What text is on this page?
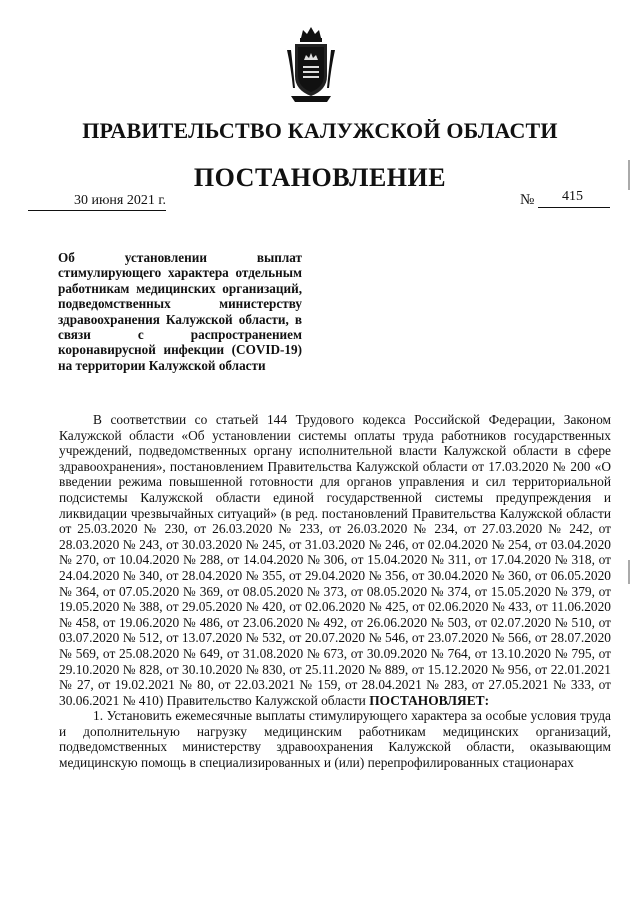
ПРАВИТЕЛЬСТВО КАЛУЖСКОЙ ОБЛАСТИ
ПОСТАНОВЛЕНИЕ
30 июня 2021 г.	№ 415
Об установлении выплат стимулирующего характера отдельным работникам медицинских организаций, подведомственных министерству здравоохранения Калужской области, в связи с распространением коронавирусной инфекции (COVID-19) на территории Калужской области

В соответствии со статьей 144 Трудового кодекса Российской Федерации, Законом Калужской области «Об установлении системы оплаты труда работников государственных учреждений, подведомственных органу исполнительной власти Калужской области в сфере здравоохранения», постановлением Правительства Калужской области от 17.03.2020 № 200 «О введении режима повышенной готовности для органов управления и сил территориальной подсистемы Калужской области единой государственной системы предупреждения и ликвидации чрезвычайных ситуаций» (в ред. постановлений Правительства Калужской области от 25.03.2020 № 230, от 26.03.2020 № 233, от 26.03.2020 № 234, от 27.03.2020 № 242, от 28.03.2020 № 243, от 30.03.2020 № 245, от 31.03.2020 № 246, от 02.04.2020 № 254, от 03.04.2020 № 270, от 10.04.2020 № 288, от 14.04.2020 № 306, от 15.04.2020 № 311, от 17.04.2020 № 318, от 24.04.2020 № 340, от 28.04.2020 № 355, от 29.04.2020 № 356, от 30.04.2020 № 360, от 06.05.2020 № 364, от 07.05.2020 № 369, от 08.05.2020 № 373, от 08.05.2020 № 374, от 15.05.2020 № 379, от 19.05.2020 № 388, от 29.05.2020 № 420, от 02.06.2020 № 425, от 02.06.2020 № 433, от 11.06.2020 № 458, от 19.06.2020 № 486, от 23.06.2020 № 492, от 26.06.2020 № 503, от 02.07.2020 № 510, от 03.07.2020 № 512, от 13.07.2020 № 532, от 20.07.2020 № 546, от 23.07.2020 № 566, от 28.07.2020 № 569, от 25.08.2020 № 649, от 31.08.2020 № 673, от 30.09.2020 № 764, от 13.10.2020 № 795, от 29.10.2020 № 828, от 30.10.2020 № 830, от 25.11.2020 № 889, от 15.12.2020 № 956, от 22.01.2021 № 27, от 19.02.2021 № 80, от 22.03.2021 № 159, от 28.04.2021 № 283, от 27.05.2021 № 333, от 30.06.2021 № 410) Правительство Калужской области ПОСТАНОВЛЯЕТ:

1. Установить ежемесячные выплаты стимулирующего характера за особые условия труда и дополнительную нагрузку медицинским работникам медицинских организаций, подведомственных министерству здравоохранения Калужской области, оказывающим медицинскую помощь в специализированных и (или) перепрофилированных стационарах
